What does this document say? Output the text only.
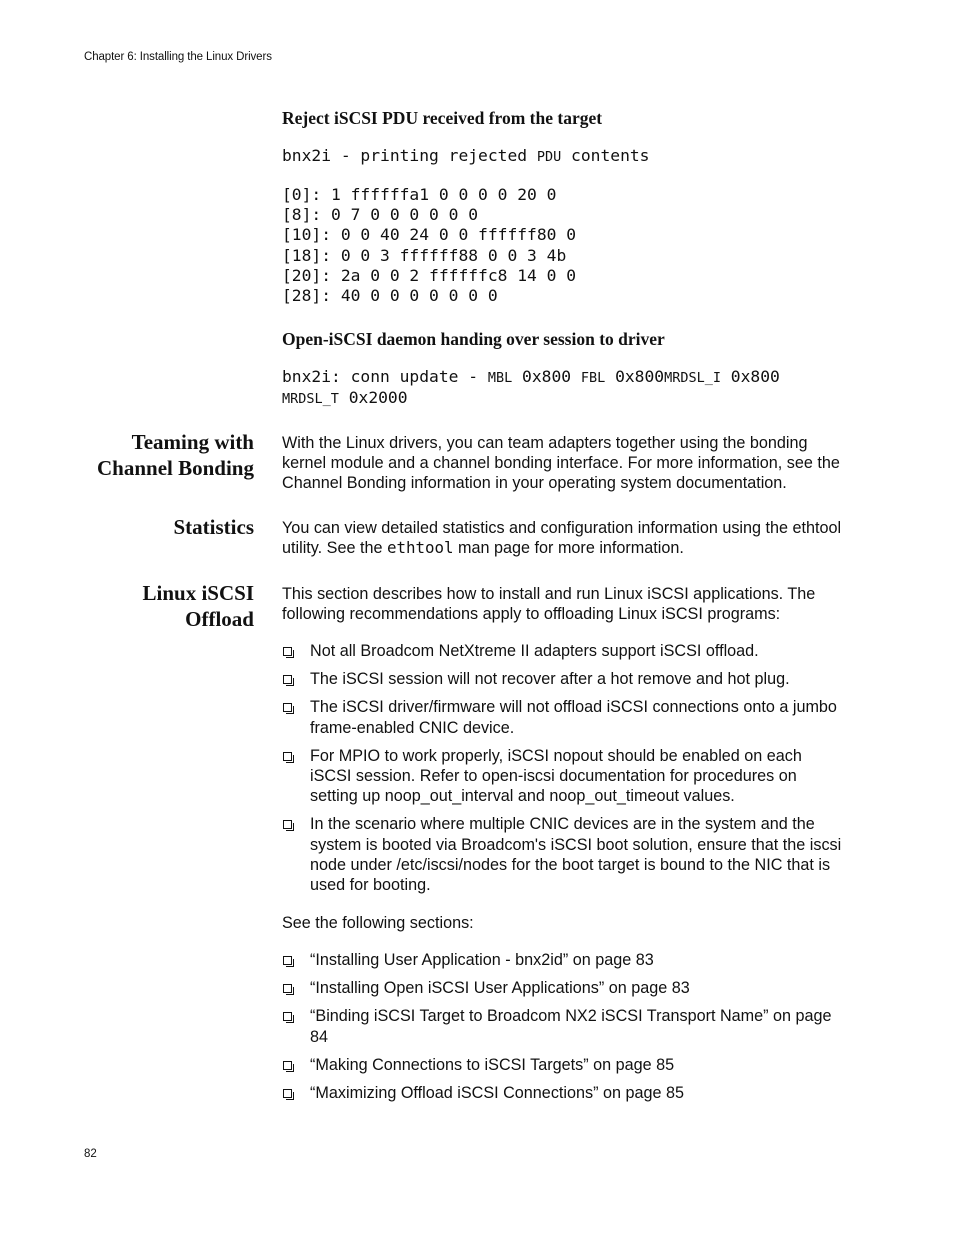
Chapter 6: Installing the Linux Drivers

Reject iSCSI PDU received from the target

bnx2i - printing rejected PDU contents

[0]: 1 ffffffa1 0 0 0 0 20 0

[8]: 0 7 0 0 0 0 0 0

[10]: 0 0 40 24 0 0 ffffff80 0

[18]: 0 0 3 ffffff88 0 0 3 4b

[20]: 2a 0 0 2 ffffffc8 14 0 0

[28]: 40 0 0 0 0 0 0 0

Open-iSCSI daemon handing over session to driver

bnx2i: conn update - MBL 0x800 FBL 0x800MRDSL_I 0x800

MRDSL_T 0x2000

Teaming with
Channel Bonding

With the Linux drivers, you can team adapters together using the bonding kernel module and a channel bonding interface. For more information, see the Channel Bonding information in your operating system documentation.

Statistics You can view detailed statistics and configuration information using the ethtool utility. See the ethtool man page for more information.

Linux iSCSI
Offload

This section describes how to install and run Linux iSCSI applications. The following recommendations apply to offloading Linux iSCSI programs:

Not all Broadcom NetXtreme II adapters support iSCSI offload.
The iSCSI session will not recover after a hot remove and hot plug.
The iSCSI driver/firmware will not offload iSCSI connections onto a jumbo frame-enabled CNIC device.
For MPIO to work properly, iSCSI nopout should be enabled on each iSCSI session. Refer to open-iscsi documentation for procedures on setting up noop_out_interval and noop_out_timeout values.
In the scenario where multiple CNIC devices are in the system and the system is booted via Broadcom's iSCSI boot solution, ensure that the iscsi node under /etc/iscsi/nodes for the boot target is bound to the NIC that is used for booting.

See the following sections:

“Installing User Application - bnx2id” on page 83
“Installing Open iSCSI User Applications” on page 83
“Binding iSCSI Target to Broadcom NX2 iSCSI Transport Name” on page 84
“Making Connections to iSCSI Targets” on page 85
“Maximizing Offload iSCSI Connections” on page 85
82
